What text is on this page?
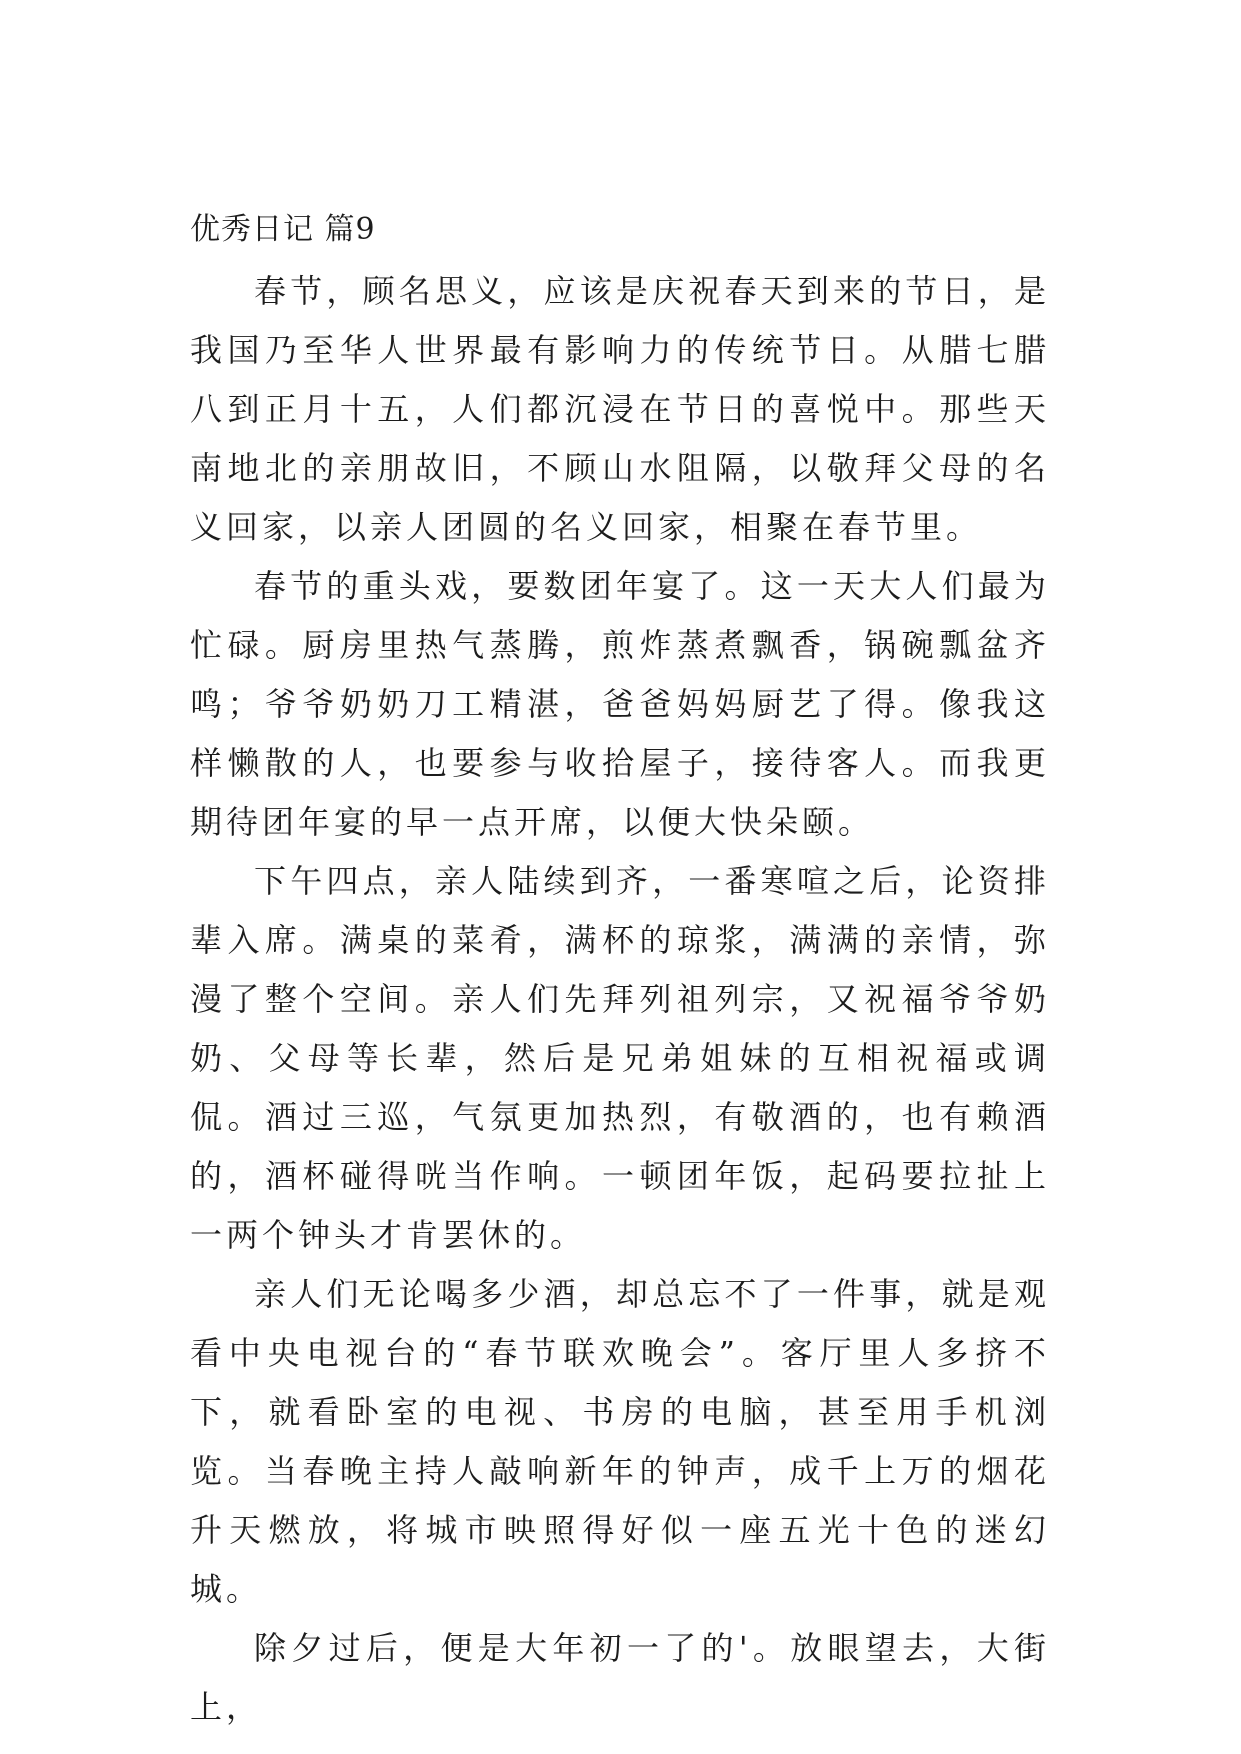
优秀日记 篇9

春节，顾名思义，应该是庆祝春天到来的节日，是我国乃至华人世界最有影响力的传统节日。从腊七腊八到正月十五，人们都沉浸在节日的喜悦中。那些天南地北的亲朋故旧，不顾山水阻隔，以敬拜父母的名义回家，以亲人团圆的名义回家，相聚在春节里。

春节的重头戏，要数团年宴了。这一天大人们最为忙碌。厨房里热气蒸腾，煎炸蒸煮飘香，锅碗瓢盆齐鸣；爷爷奶奶刀工精湛，爸爸妈妈厨艺了得。像我这样懒散的人，也要参与收拾屋子，接待客人。而我更期待团年宴的早一点开席，以便大快朵颐。

下午四点，亲人陆续到齐，一番寒喧之后，论资排辈入席。满桌的菜肴，满杯的琼浆，满满的亲情，弥漫了整个空间。亲人们先拜列祖列宗，又祝福爷爷奶奶、父母等长辈，然后是兄弟姐妹的互相祝福或调侃。酒过三巡，气氛更加热烈，有敬酒的，也有赖酒的，酒杯碰得咣当作响。一顿团年饭，起码要拉扯上一两个钟头才肯罢休的。

亲人们无论喝多少酒，却总忘不了一件事，就是观看中央电视台的“春节联欢晚会”。客厅里人多挤不下，就看卧室的电视、书房的电脑，甚至用手机浏览。当春晚主持人敲响新年的钟声，成千上万的烟花升天燃放，将城市映照得好似一座五光十色的迷幻城。

除夕过后，便是大年初一了的'。放眼望去，大街上，
